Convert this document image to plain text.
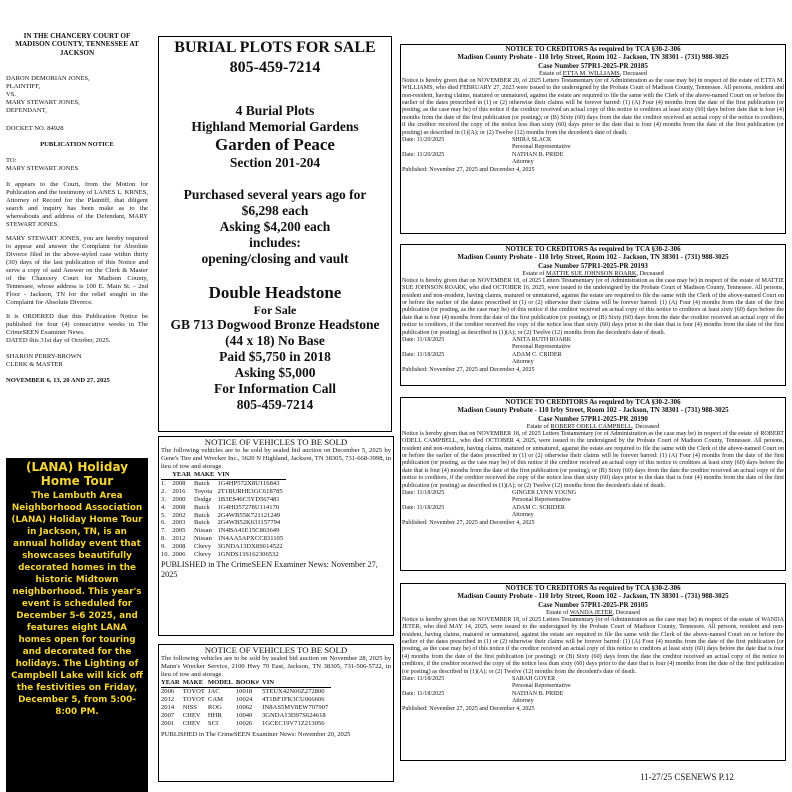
IN THE CHANCERY COURT OF MADISON COUNTY, TENNESSEE AT JACKSON
DARON DEMORIAN JONES,
PLAINTIFF,
VS.
MARY STEWART JONES,
DEFENDANT,
DOCKET NO. 84928
PUBLICATION NOTICE
TO:
MARY STEWART JONES

It appears to the Court, from the Motion for Publication and the testimony of LANES L. KRNES, Attorney of Record for the Plaintiff, that diligent search and inquiry has been make as to the whereabouts and address of the Defendant, MARY STEWART JONES.

MARY STEWART JONES, you are hereby required to appear and answer the Complaint for Absolute Divorce filed in the above-styled case within thirty (30) days of the last publication of this Notice and serve a copy of said Answer on the Clerk & Master of the Chancery Court for Madison County, Tennessee, whose address is 100 E. Main St. - 2nd Floor - Jackson, TN for the relief sought in the Complaint for Absolute Divorce.

It is ORDERED that this Publication Notice be published for four (4) consecutive weeks in The CrimeSEEN Examiner News.

DATED this 31st day of October, 2025.
SHARON PERRY-BROWN
CLERK & MASTER
NOVEMBER 6, 13, 20 AND 27, 2025
(LANA) Holiday Home Tour
The Lambuth Area Neighborhood Association (LANA) Holiday Home Tour in Jackson, TN, is an annual holiday event that showcases beautifully decorated homes in the historic Midtown neighborhood. This year's event is scheduled for December 5-6 2025, and features eight LANA homes open for touring and decorated for the holidays. The Lighting of Campbell Lake will kick off the festivities on Friday, December 5, from 5:00-8:00 PM.
BURIAL PLOTS FOR SALE
805-459-7214
4 Burial Plots
Highland Memorial Gardens
Garden of Peace
Section 201-204
Purchased several years ago for
$6,298 each
Asking $4,200 each
includes:
opening/closing and vault
Double Headstone
For Sale
GB 713 Dogwood Bronze Headstone
(44 x 18) No Base
Paid $5,750 in 2018
Asking $5,000
For Information Call
805-459-7214
NOTICE OF VEHICLES TO BE SOLD

The following vehicles are to be sold by sealed bid auction on December 5, 2025 by Gene's Tire and Wrecker Inc., 3620 N Highland, Jackson, TN 38305, 731-668-3998, in lieu of tow and storage.

	YEAR	MAKE	VIN
1.	2008	Buick	1G4HP572X8U116843
2.	2016	Toyota	2T1BURHE3GC618785
3.	2000	Dodge	1B3ES46C5YD567481
4.	2008	Buick	1G4HD57278U114170
5.	2002	Buick	2G4WB55K721121249
6.	2003	Buick	2G4WB52K631157794
7.	2005	Nissan	1N4BA41E15C863649
8.	2012	Nissan	1N4AA5APXCC831105
9.	2008	Chevy	3GNDA13DX8S614522
10.	2006	Chevy	1GNDS13S162306532
PUBLISHED in The CrimeSEEN Examiner News: November 27, 2025
NOTICE OF VEHICLES TO BE SOLD

The following vehicles are to be sold by sealed bid auction on November 28, 2025 by Mann's Wrecker Service, 2100 Hwy 70 East, Jackson, TN 38305, 731-506-5722, in lieu of tow and storage.

YEAR	MAKE	MODEL	BOOK#	VIN
2006	TOYOT	JAC	10018	5TEUX42N06Z272800
2012	TOYOT	CAM	10024	4T1BF1FK3CU066606
2014	NISS	ROG	10062	JN8AS5MV8EW707907
2007	CHEV	HHR	10040	3GNDA13D97S624618
2001	CHEV	SCI	10026	1GCEC19V71Z213056
PUBLISHED in The CrimeSEEN Examiner News: November 20, 2025
NOTICE TO CREDITORS As required by TCA §30-2-306
Madison County Probate - 110 Irby Street, Room 102 - Jackson, TN 38301 - (731) 988-3025
Case Number 57PR1-2025-PR 20185
Estate of ETTA M. WILLIAMS, Deceased

Notice is hereby given that on NOVEMBER 20, of 2025 Letters Testamentary (or of Administration as the case may be) in respect of the estate of ETTA M. WILLIAMS, who died FEBRUARY 27, 2023 were issued to the undersigned by the Probate Court of Madison County, Tennessee. All persons, resident and non-resident, having claims, matured or unmatured, against the estate are required to file the same with the Clerk of the above-named Court on or before the earlier of the dates prescribed in (1) or (2) otherwise their claims will be forever barred: (1) (A) Four (4) months from the date of the first publication (or posting, as the case may be) of this notice if the creditor received an actual copy of this notice to creditors at least sixty (60) days before date that is four (4) months from the date of the first publication (or posting); or (B) Sixty (60) days from the date the creditor received an actual copy of the notice to creditors, if the creditor received the copy of the notice less than sixty (60) days prior to the date that is four (4) months from the date of the first publication (or posting) as described in (1)(A); or (2) Twelve (12) months from the decedent's date of death.

Date: 11/20/2025	SHIRA SLACK
Personal Representative
Date: 11/20/2025	NATHAN B. PRIDE
Attorney
Published: November 27, 2025 and December 4, 2025
NOTICE TO CREDITORS As required by TCA §30-2-306
Madison County Probate - 110 Irby Street, Room 102 - Jackson, TN 38301 - (731) 988-3025
Case Number 57PR1-2025-PR 20193
Estate of MATTIE SUE JOHNSON ROARK, Deceased

Notice is hereby given that on NOVEMBER 18, of 2025 Letters Testamentary (or of Administration as the case may be) in respect of the estate of MATTIE SUE JOHNSON ROARK, who died OCTOBER 16, 2025, were issued to the undersigned by the Probate Court of Madison County, Tennessee. All persons, resident and non-resident, having claims, matured or unmatured, against the estate are required to file the same with the Clerk of the above-named Court on or before the earlier of the dates prescribed in (1) or (2) otherwise their claims will be forever barred: (1) (A) Four (4) months from the date of the first publication (or posting, as the case may be) of this notice if the creditor received an actual copy of this notice to creditors at least sixty (60) days before the date that is four (4) months from the date of the first publication (or posting); or (B) Sixty (60) days from the date the creditor received an actual copy of the notice to creditors, if the creditor received the copy of the notice less than sixty (60) days prior to the date that is four (4) months from the date of the first publication (or posting) as described in (1)(A); or (2) Twelve (12) months from the decedent's date of death.

Date: 11/18/2025	ANITA RUTH ROARK
Personal Representative
Date: 11/18/2025	ADAM C. CRIDER
Attorney
Published: November 27, 2025 and December 4, 2025
NOTICE TO CREDITORS As required by TCA §30-2-306
Madison County Probate - 110 Irby Street, Room 102 - Jackson, TN 38301 - (731) 988-3025
Case Number 57PR1-2025-PR 20190
Estate of ROBERT ODELL CAMPBELL, Deceased

Notice is hereby given that on NOVEMBER 18, of 2025 Letters Testamentary (or of Administration as the case may be) in respect of the estate of ROBERT ODELL CAMPBELL, who died OCTOBER 4, 2025, were issued to the undersigned by the Probate Court of Madison County, Tennessee. All persons, resident and non-resident, having claims, matured or unmatured, against the estate are required to file the same with the Clerk of the above-named Court on or before the earlier of the dates prescribed in (1) or (2) otherwise their claims will be forever barred: (1) (A) Four (4) months from the date of the first publication (or posting, as the case may be) of this notice if the creditor received an actual copy of this notice to creditors at least sixty (60) days before the date that is four (4) months from the date of the first publication (or posting); or (B) Sixty (60) days from the date the creditor received an actual copy of the notice to creditors, if the creditor received the copy of the notice less than sixty (60) days prior to the date that is four (4) months from the date of the first publication (or posting) as described in (1)(A); or (2) Twelve (12) months from the decedent's date of death.

Date: 11/18/2025	GINGER LYNN YOUNG
Personal Representative
Date: 11/18/2025	ADAM C. SCRIDER
Attorney
Published: November 27, 2025 and December 4, 2025
NOTICE TO CREDITORS As required by TCA §30-2-306
Madison County Probate - 110 Irby Street, Room 102 - Jackson, TN 38301 - (731) 988-3025
Case Number 57PR1-2025-PR 20105
Estate of WANDA JETER, Deceased

Notice is hereby given that on NOVEMBER 18, of 2025 Letters Testamentary (or of Administration as the case may be) in respect of the estate of WANDA JETER, who died MAY 14, 2025, were issued to the undersigned by the Probate Court of Madison County, Tennessee. All persons, resident and non-resident, having claims, matured or unmatured, against the estate are required to file the same with the Clerk of the above-named Court on or before the earlier of the dates prescribed in (1) or (2) otherwise their claims will be forever barred: (1) (A) Four (4) months from the date of the first publication (or posting, as the case may be) of this notice if the creditor received an actual copy of this notice to creditors at least sixty (60) days before the date that is four (4) months from the date of the first publication (or posting); or (B) Sixty (60) days from the date the creditor received an actual copy of the notice to creditors, if the creditor received the copy of the notice less than sixty (60) days prior to the date that is four (4) months from the date of the first publication (or posting) as described in (1)(A); or (2) Twelve (12) months from the decedent's date of death.

Date: 11/18/2025	SARAH GOYER
Personal Representative
Date: 11/18/2025	NATHAN B. PRIDE
Attorney
Published: November 27, 2025 and December 4, 2025
11-27/25 CSENEWS P.12
